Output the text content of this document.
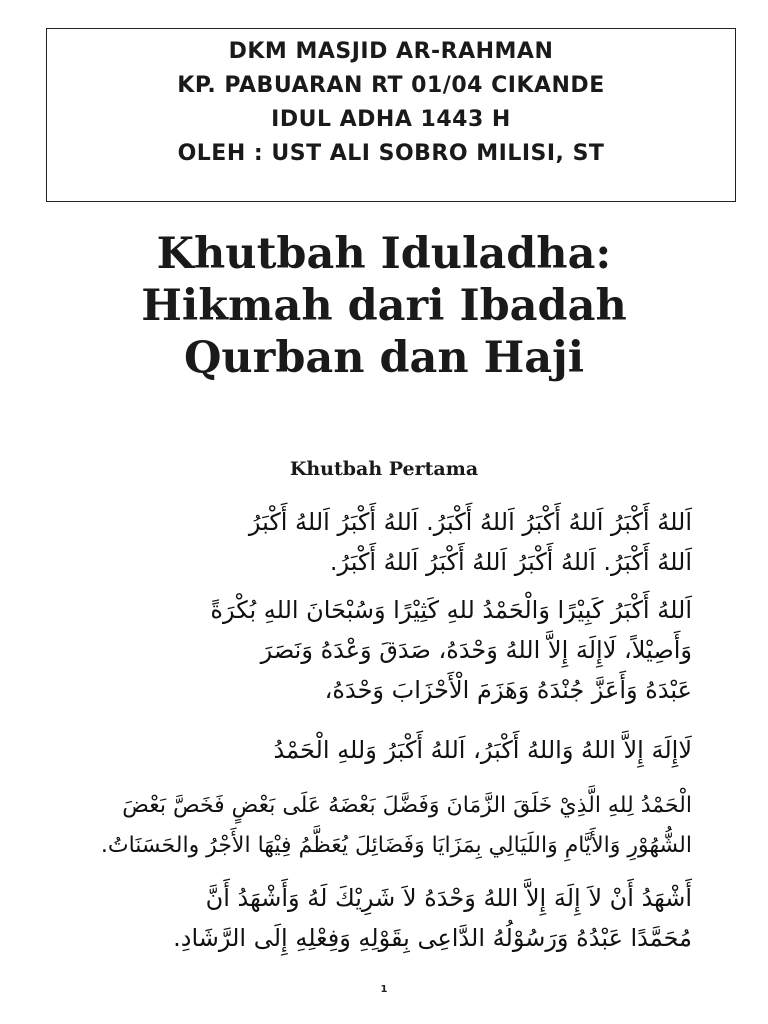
DKM MASJID AR-RAHMAN
KP. PABUARAN RT 01/04 CIKANDE
IDUL ADHA 1443 H
OLEH : UST ALI SOBRO MILISI, ST
Khutbah Iduladha:
Hikmah dari Ibadah
Qurban dan Haji
Khutbah Pertama
اَللهُ أَكْبَرُ اَللهُ أَكْبَرُ اَللهُ أَكْبَرُ. اَللهُ أَكْبَرُ اَللهُ أَكْبَرُ
اَللهُ أَكْبَرُ. اَللهُ أَكْبَرُ اَللهُ أَكْبَرُ اَللهُ أَكْبَرُ.
اَللهُ أَكْبَرُ كَبِيْرًا وَالْحَمْدُ للهِ كَثِيْرًا وَسُبْحَانَ اللهِ بُكْرَةً
وَأَصِيْلاً، لَاإِلَهَ إِلاَّ اللهُ وَحْدَهُ، صَدَقَ وَعْدَهُ وَنَصَرَ
عَبْدَهُ وَأَعَزَّ جُنْدَهُ وَهَزَمَ الْأَحْزَابَ وَحْدَهُ،
لَاإِلَهَ إِلاَّ اللهُ وَاللهُ أَكْبَرُ، اَللهُ أَكْبَرُ وَللهِ الْحَمْدُ
الْحَمْدُ لِلهِ الَّذِيْ خَلَقَ الزَّمَانَ وَفَضَّلَ بَعْضَهُ عَلَى بَعْضٍ فَخَصَّ بَعْضَ
الشُّهُوْرِ وَالأَيَّامِ وَاللَيَالِي بِمَزَايَا وَفَضَائِلَ يُعَظَّمُ فِيْهَا الأَجْرُ والحَسَنَاتُ.
أَشْهَدُ أَنْ لاَ إِلَهَ إِلاَّ اللهُ وَحْدَهُ لاَ شَرِيْكَ لَهُ وَأَشْهَدُ أَنَّ
مُحَمَّدًا عَبْدُهُ وَرَسُوْلُهُ الدَّاعِى بِقَوْلِهِ وَفِعْلِهِ إِلَى الرَّشَادِ.
1
